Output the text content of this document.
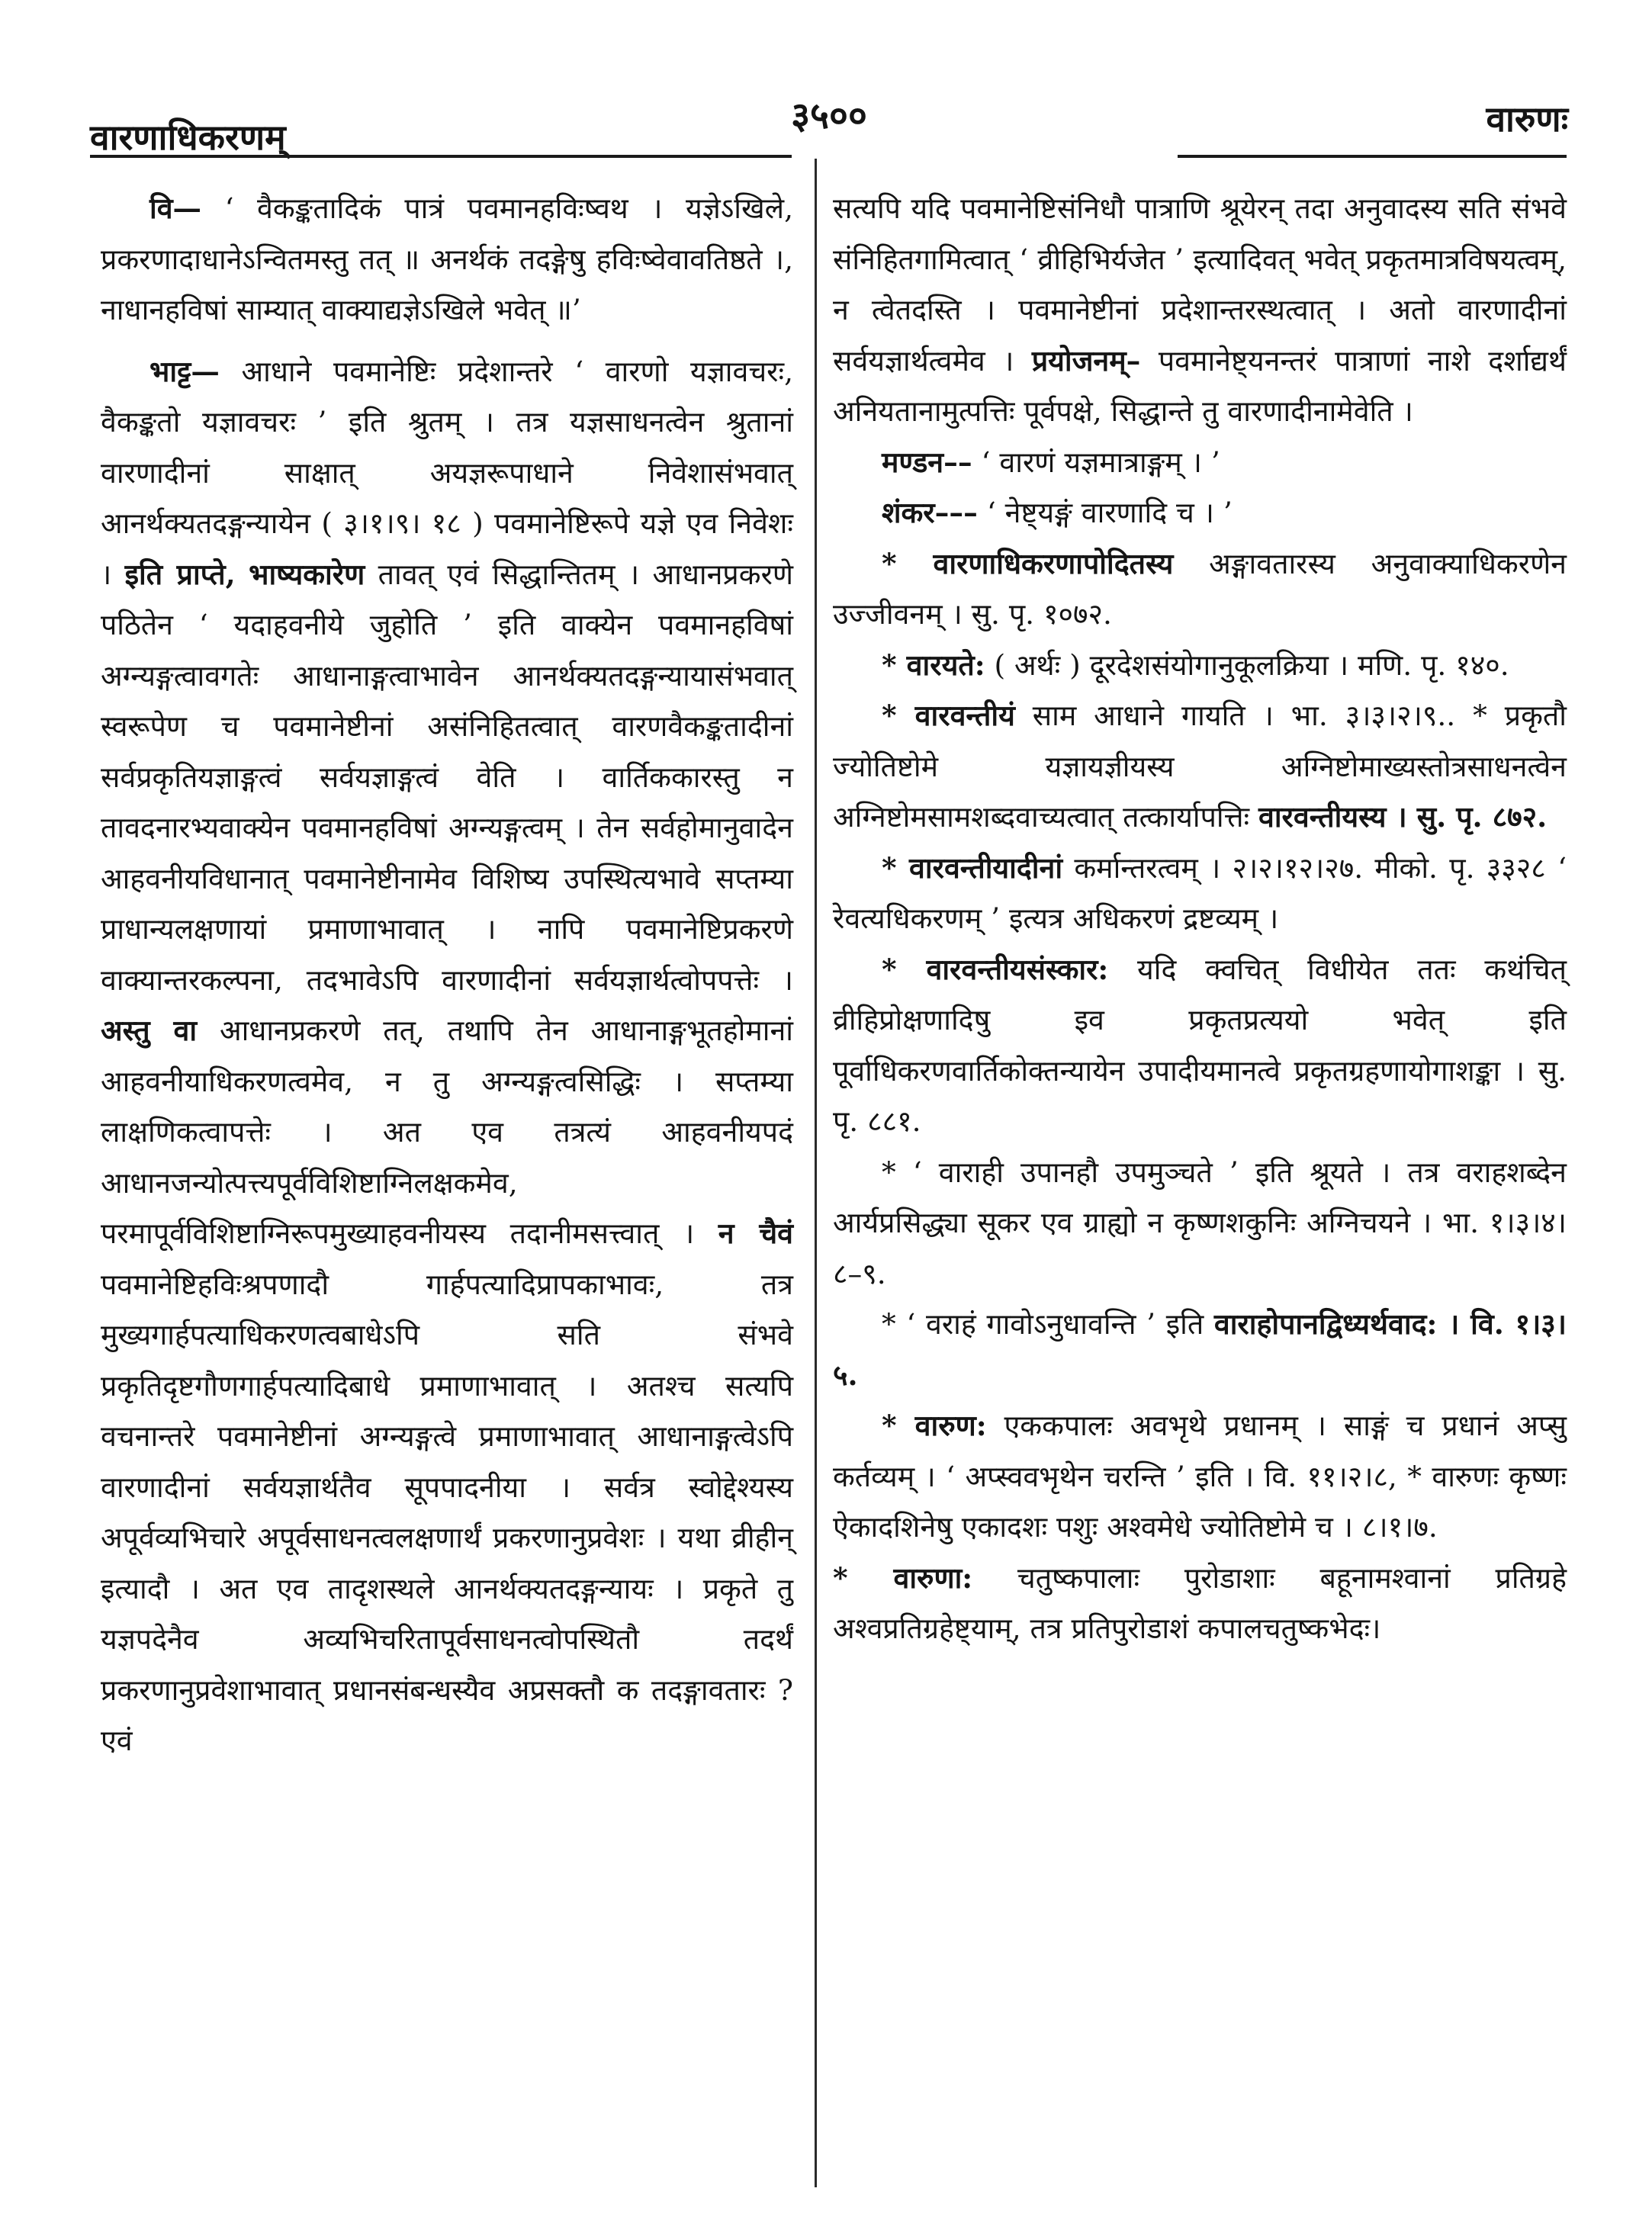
वारणाधिकरणम्	३५००	वारुणः

वि— ‘ वैकङ्कतादिकं पात्रं पवमानहविःष्वथ । यज्ञेऽखिले, प्रकरणादाधानेऽन्वितमस्तु तत् ॥ अनर्थकं तदङ्गेषु हविःष्वेवावतिष्ठते ।, नाधानहविषां साम्यात् वाक्याद्यज्ञेऽखिले भवेत् ॥’

भाट्ट— आधाने पवमानेष्टिः प्रदेशान्तरे ‘ वारणो यज्ञावचरः, वैकङ्कतो यज्ञावचरः ’ इति श्रुतम् । तत्र यज्ञसाधनत्वेन श्रुतानां वारणादीनां साक्षात् अयज्ञरूपाधाने निवेशासंभवात् आनर्थक्यतदङ्गन्यायेन ( ३।१।९। १८ ) पवमानेष्टिरूपे यज्ञे एव निवेशः । इति प्राप्ते, भाष्यकारेण तावत् एवं सिद्धान्तितम् । आधानप्रकरणे पठितेन ‘ यदाहवनीये जुहोति ’ इति वाक्येन पवमानहविषां अग्न्यङ्गत्वावगतेः आधानाङ्गत्वाभावेन आनर्थक्यतदङ्गन्यायासंभवात् स्वरूपेण च पवमानेष्टीनां असंनिहितत्वात् वारणवैकङ्कतादीनां सर्वप्रकृतियज्ञाङ्गत्वं सर्वयज्ञाङ्गत्वं वेति । वार्तिककारस्तु न तावदनारभ्यवाक्येन पवमानहविषां अग्न्यङ्गत्वम् । तेन सर्वहोमानुवादेन आहवनीयविधानात् पवमानेष्टीनामेव विशिष्य उपस्थित्यभावे सप्तम्या प्राधान्यलक्षणायां प्रमाणाभावात् । नापि पवमानेष्टिप्रकरणे वाक्यान्तरकल्पना, तदभावेऽपि वारणादीनां सर्वयज्ञार्थत्वोपपत्तेः । अस्तु वा आधानप्रकरणे तत्, तथापि तेन आधानाङ्गभूतहोमानां आहवनीयाधिकरणत्वमेव, न तु अग्न्यङ्गत्वसिद्धिः । सप्तम्या लाक्षणिकत्वापत्तेः । अत एव तत्रत्यं आहवनीयपदं आधानजन्योत्पत्त्यपूर्वविशिष्टाग्निलक्षकमेव, परमापूर्वविशिष्टाग्निरूपमुख्याहवनीयस्य तदानीमसत्त्वात् । न चैवं पवमानेष्टिहविःश्रपणादौ गार्हपत्यादिप्रापकाभावः, तत्र मुख्यगार्हपत्याधिकरणत्वबाधेऽपि सति संभवे प्रकृतिदृष्टगौणगार्हपत्यादिबाधे प्रमाणाभावात् । अतश्च सत्यपि वचनान्तरे पवमानेष्टीनां अग्न्यङ्गत्वे प्रमाणाभावात् आधानाङ्गत्वेऽपि वारणादीनां सर्वयज्ञार्थतैव सूपपादनीया । सर्वत्र स्वोद्देश्यस्य अपूर्वव्यभिचारे अपूर्वसाधनत्वलक्षणार्थं प्रकरणानुप्रवेशः । यथा व्रीहीन् इत्यादौ । अत एव तादृशस्थले आनर्थक्यतदङ्गन्यायः । प्रकृते तु यज्ञपदेनैव अव्यभिचरितापूर्वसाधनत्वोपस्थितौ तदर्थं प्रकरणानुप्रवेशाभावात् प्रधानसंबन्धस्यैव अप्रसक्तौ क तदङ्गावतारः ? एवं

सत्यपि यदि पवमानेष्टिसंनिधौ पात्राणि श्रूयेरन् तदा अनुवादस्य सति संभवे संनिहितगामित्वात् ‘ व्रीहिभिर्यजेत ’ इत्यादिवत् भवेत् प्रकृतमात्रविषयत्वम्, न त्वेतदस्ति । पवमानेष्टीनां प्रदेशान्तरस्थत्वात् । अतो वारणादीनां सर्वयज्ञार्थत्वमेव । प्रयोजनम्– पवमानेष्ट्यनन्तरं पात्राणां नाशे दर्शाद्यर्थं अनियतानामुत्पत्तिः पूर्वपक्षे, सिद्धान्ते तु वारणादीनामेवेति ।

मण्डन–– ‘ वारणं यज्ञमात्राङ्गम् । ’

शंकर––– ‘ नेष्ट्यङ्गं वारणादि च । ’

* वारणाधिकरणापोदितस्य अङ्गावतारस्य अनुवाक्याधिकरणेन उज्जीवनम् । सु. पृ. १०७२.

* वारयते: ( अर्थः ) दूरदेशसंयोगानुकूलक्रिया । मणि. पृ. १४०.

* वारवन्तीयं साम आधाने गायति । भा. ३।३।२।९.. * प्रकृतौ ज्योतिष्टोमे यज्ञायज्ञीयस्य अग्निष्टोमाख्यस्तोत्रसाधनत्वेन अग्निष्टोमसामशब्दवाच्यत्वात् तत्कार्यापत्तिः वारवन्तीयस्य । सु. पृ. ८७२.

* वारवन्तीयादीनां कर्मान्तरत्वम् । २।२।१२।२७. मीको. पृ. ३३२८ ‘ रेवत्यधिकरणम् ’ इत्यत्र अधिकरणं द्रष्टव्यम् ।

* वारवन्तीयसंस्कार: यदि क्वचित् विधीयेत ततः कथंचित् व्रीहिप्रोक्षणादिषु इव प्रकृतप्रत्ययो भवेत् इति पूर्वाधिकरणवार्तिकोक्तन्यायेन उपादीयमानत्वे प्रकृतग्रहणायोगाशङ्का । सु. पृ. ८८१.

* ‘ वाराही उपानहौ उपमुञ्चते ’ इति श्रूयते । तत्र वराहशब्देन आर्यप्रसिद्ध्या सूकर एव ग्राह्यो न कृष्णशकुनिः अग्निचयने । भा. १।३।४।८–९.

* ‘ वराहं गावोऽनुधावन्ति ’ इति वाराहोपानद्विध्यर्थवाद: । वि. १।३।५.

* वारुण: एककपालः अवभृथे प्रधानम् । साङ्गं च प्रधानं अप्सु कर्तव्यम् । ‘ अप्स्ववभृथेन चरन्ति ’ इति । वि. ११।२।८, * वारुणः कृष्णः ऐकादशिनेषु एकादशः पशुः अश्वमेधे ज्योतिष्टोमे च । ८।१।७.

* वारुणा: चतुष्कपालाः पुरोडाशाः बहूनामश्वानां प्रतिग्रहे अश्वप्रतिग्रहेष्ट्याम्, तत्र प्रतिपुरोडाशं कपालचतुष्कभेदः।
